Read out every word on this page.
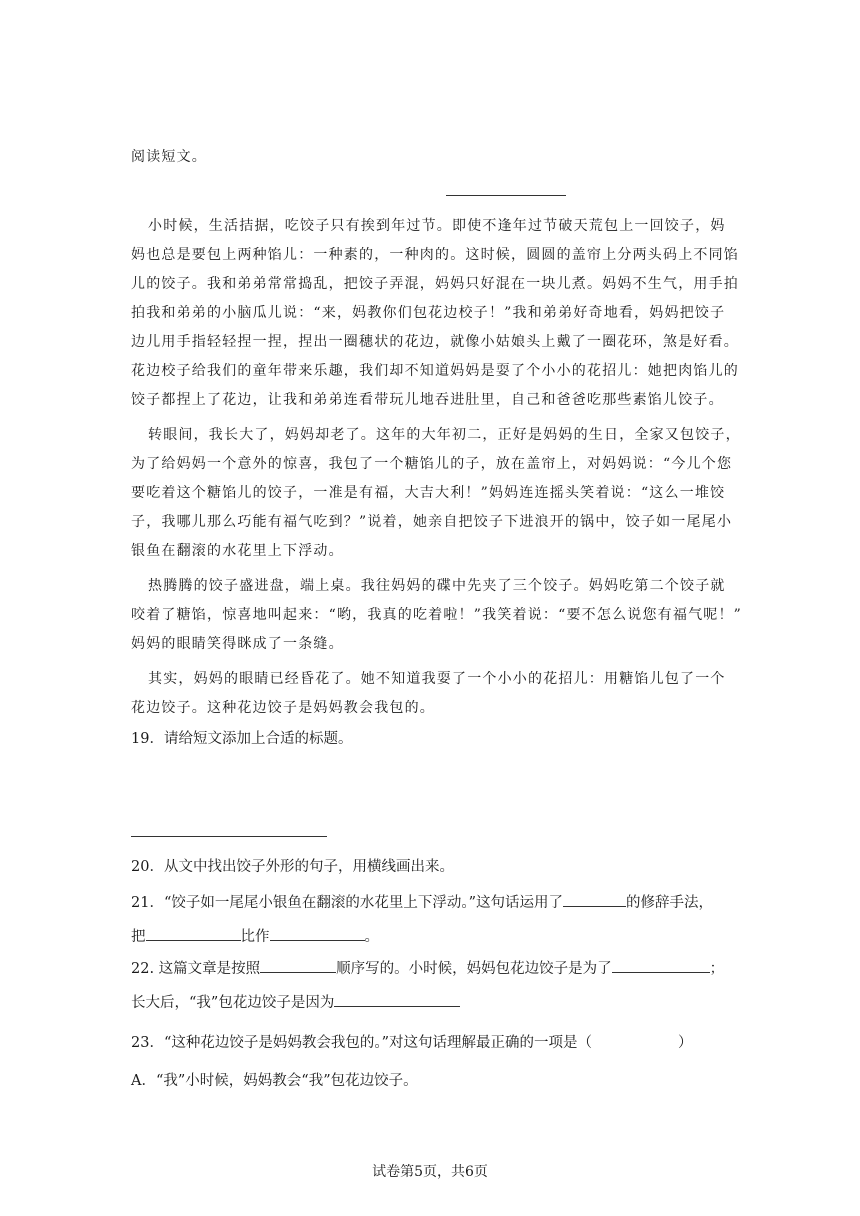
阅读短文。
小时候，生活拮据，吃饺子只有挨到年过节。即使不逢年过节破天荒包上一回饺子，妈
妈也总是要包上两种馅儿：一种素的，一种肉的。这时候，圆圆的盖帘上分两头码上不同馅
儿的饺子。我和弟弟常常捣乱，把饺子弄混，妈妈只好混在一块儿煮。妈妈不生气，用手拍
拍我和弟弟的小脑瓜儿说：“来，妈教你们包花边校子！”我和弟弟好奇地看，妈妈把饺子
边儿用手指轻轻捏一捏，捏出一圈穗状的花边，就像小姑娘头上戴了一圈花环，煞是好看。
花边校子给我们的童年带来乐趣，我们却不知道妈妈是耍了个小小的花招儿：她把肉馅儿的
饺子都捏上了花边，让我和弟弟连看带玩儿地吞进肚里，自己和爸爸吃那些素馅儿饺子。
转眼间，我长大了，妈妈却老了。这年的大年初二，正好是妈妈的生日，全家又包饺子，
为了给妈妈一个意外的惊喜，我包了一个糖馅儿的子，放在盖帘上，对妈妈说：“今儿个您
要吃着这个糖馅儿的饺子，一准是有福，大吉大利！”妈妈连连摇头笑着说：“这么一堆饺
子，我哪儿那么巧能有福气吃到？”说着，她亲自把饺子下进浪开的锅中，饺子如一尾尾小
银鱼在翻滚的水花里上下浮动。
热腾腾的饺子盛进盘，端上桌。我往妈妈的碟中先夹了三个饺子。妈妈吃第二个饺子就
咬着了糖馅，惊喜地叫起来：“哟，我真的吃着啦！”我笑着说：“要不怎么说您有福气呢！”
妈妈的眼睛笑得眯成了一条缝。
其实，妈妈的眼睛已经昏花了。她不知道我耍了一个小小的花招儿：用糖馅儿包了一个
花边饺子。这种花边饺子是妈妈教会我包的。
19．请给短文添加上合适的标题。
20．从文中找出饺子外形的句子，用横线画出来。
21．“饺子如一尾尾小银鱼在翻滚的水花里上下浮动。”这句话运用了	的修辞手法，
把	比作	。
22. 这篇文章是按照	顺序写的。小时候，妈妈包花边饺子是为了	；
长大后，“我”包花边饺子是因为
23．“这种花边饺子是妈妈教会我包的。”对这句话理解最正确的一项是（	）
A．“我”小时候，妈妈教会“我”包花边饺子。
试卷第5页，共6页
